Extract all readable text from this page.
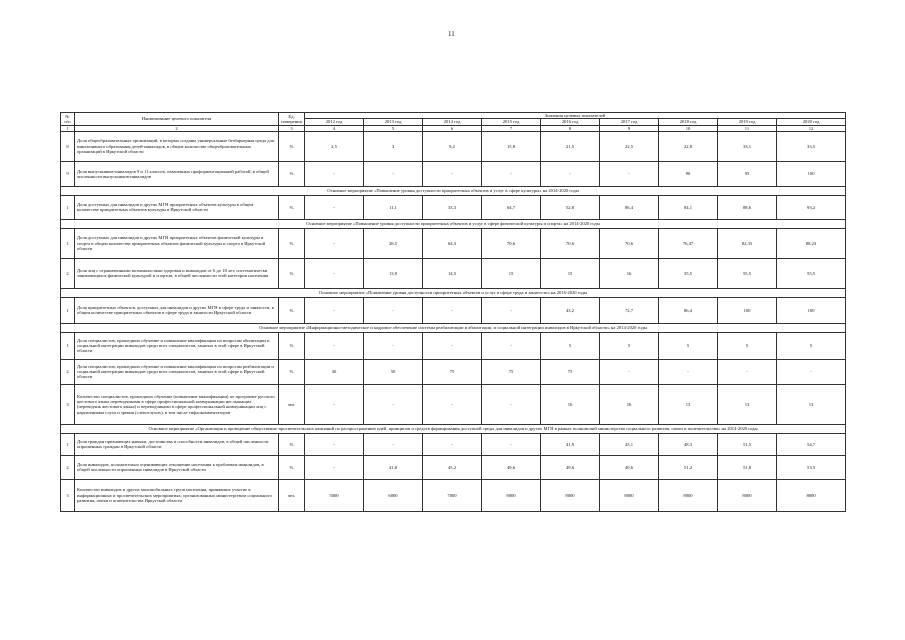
11
№ п/п	Наименование целевого показателя	Ед. измерения	Значения целевых показателей								
			2012 год	2013 год	2014 год	2015 год	2016 год	2017 год	2018 год	2019 год	2020 год
1	2	3	4	5	6	7	8	9	10	11	12
8	Доля общеобразовательных организаций, в которых созданы универсальные безбарьерная среда для инклюзивного образования детей-инвалидов, в общем количестве общеобразовательных организаций в Иркутской области	%	2,5	3	9,2	15,8	21,5	22,5	22,8	33,1	33,5
9	Доля выпускников-инвалидов 9 и 11 классов, охваченных профориентационной работой, в общей численности выпускников-инвалидов	%	-	-	-	-	-	-	90	95	100
Основное мероприятие «Повышение уровня доступности приоритетных объектов и услуг в сфере культуры» на 2014-2020 годы											
1	Доля доступных для инвалидов и других МГН приоритетных объектов культуры в общем количестве приоритетных объектов культуры в Иркутской области	%	-	11,1	33,3	64,7	52,8	86,4	84,1	88,6	93,2
Основное мероприятие «Повышение уровня доступности приоритетных объектов и услуг в сфере физической культуры и спорта» на 2014-2020 годы											
1	Доля доступных для инвалидов и других МГН приоритетных объектов физической культуры и спорта в общем количестве приоритетных объектов физической культуры и спорта в Иркутской области	%	-	28,5	64,3	70,6	70,6	70,6	76,47	82,35	88,23
2	Доля лиц с ограниченными возможностями здоровья и инвалидов от 6 до 18 лет, систематически занимающихся физической культурой и спортом, в общей численности этой категории населения	%	-	13,9	14,5	15	15	16	35,5	55,5	55,5
Основное мероприятие «Повышение уровня доступности приоритетных объектов и услуг в сфере труда и занятости» на 2016-2020 годы											
1	Доля приоритетных объектов, доступных для инвалидов и других МГН в сфере труда и занятости, в общем количестве приоритетных объектов в сфере труда и занятости Иркутской области	%	-	-	-	-	43,2	72,7	86,4	100	100
Основное мероприятие «Информационно-методическое и кадровое обеспечение системы реабилитации и абилитации, и социальной интеграции инвалидов в Иркутской области» на 2014-2020 годы											
1	Доля специалистов, прошедших обучение и повышение квалификации по вопросам абилитации и социальной интеграции инвалидов среди всех специалистов, занятых в этой сфере в Иркутской области	%	-	-	-	-	5	5	5	5	5
2	Доля специалистов, прошедших обучение и повышение квалификации по вопросам реабилитации и социальной интеграции инвалидов среди всех специалистов, занятых в этой сфере в Иркутской области	%	30	50	75	75	75	-	-	-	-
3	Количество специалистов, прошедших обучение (повышение квалификации) по программе русского жестового языка переводчиками в сфере профессиональной коммуникации неслышащих (переводчик жестового языка) и переводчиками в сфере профессиональной коммуникации лиц с нарушениями слуха и зрения (слепоглухих), в том числе тифлокомментаторов	чел.	-	-	-	-	16	16	13	13	13
Основное мероприятие «Организация и проведение общественно-просветительских кампаний по распространению идей, принципов и средств формирования доступной среды для инвалидов и других МГН в рамках полномочий министерства социального развития, опеки и попечительства» на 2014-2020 годы											
1	Доля граждан признающих навыки, достоинства и способности инвалидов, в общей численности опрошенных граждан в Иркутской области	%	-	-	-	-	41,9	43,1	48,3	51,5	54,7
2	Доля инвалидов, положительно оценивающих отношение населения к проблемам инвалидов, в общей численности опрошенных инвалидов в Иркутской области	%	-	41,8	45,2	49,6	49,6	49,6	51,2	51,8	53,5
3	Количество инвалидов и других маломобильных групп населения, принявших участие в информационных и просветительских мероприятиях, организованных министерством социального развития, опеки и попечительства Иркутской области	чел.	5000	6000	7000	8000	8000	8000	8000	8000	8000
